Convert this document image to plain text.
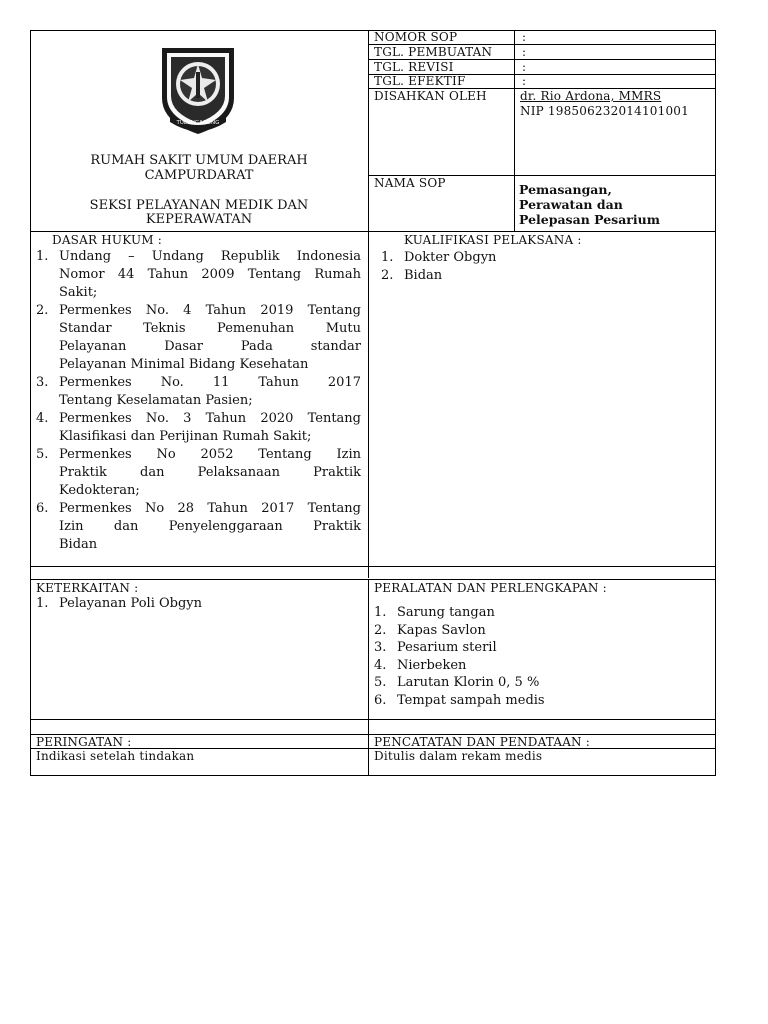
TULUNGAGUNG
RUMAH SAKIT UMUM DAERAH
CAMPURDARAT
SEKSI PELAYANAN MEDIK DAN
KEPERAWATAN
NOMOR SOP	:
TGL. PEMBUATAN :
TGL. REVISI	:
TGL. EFEKTIF	:
DISAHKAN OLEH	dr. Rio Ardona, MMRS
NIP 198506232014101001
NAMA SOP	Pemasangan,
Perawatan dan
Pelepasan Pesarium
DASAR HUKUM :
1. Undang – Undang Republik Indonesia
Nomor 44 Tahun 2009 Tentang Rumah
Sakit;
2. Permenkes No. 4 Tahun 2019 Tentang
Standar Teknis Pemenuhan Mutu
Pelayanan Dasar Pada standar
Pelayanan Minimal Bidang Kesehatan
3. Permenkes No. 11 Tahun 2017
Tentang Keselamatan Pasien;
4. Permenkes No. 3 Tahun 2020 Tentang
Klasifikasi dan Perijinan Rumah Sakit;
5. Permenkes No 2052 Tentang Izin
Praktik dan Pelaksanaan Praktik
Kedokteran;
6. Permenkes No 28 Tahun 2017 Tentang
Izin dan Penyelenggaraan Praktik
Bidan
KUALIFIKASI PELAKSANA :
1. Dokter Obgyn
2. Bidan
KETERKAITAN :
1. Pelayanan Poli Obgyn
PERALATAN DAN PERLENGKAPAN :
1. Sarung tangan
2. Kapas Savlon
3. Pesarium steril
4. Nierbeken
5. Larutan Klorin 0, 5 %
6. Tempat sampah medis
PERINGATAN :
Indikasi setelah tindakan
PENCATATAN DAN PENDATAAN :
Ditulis dalam rekam medis
